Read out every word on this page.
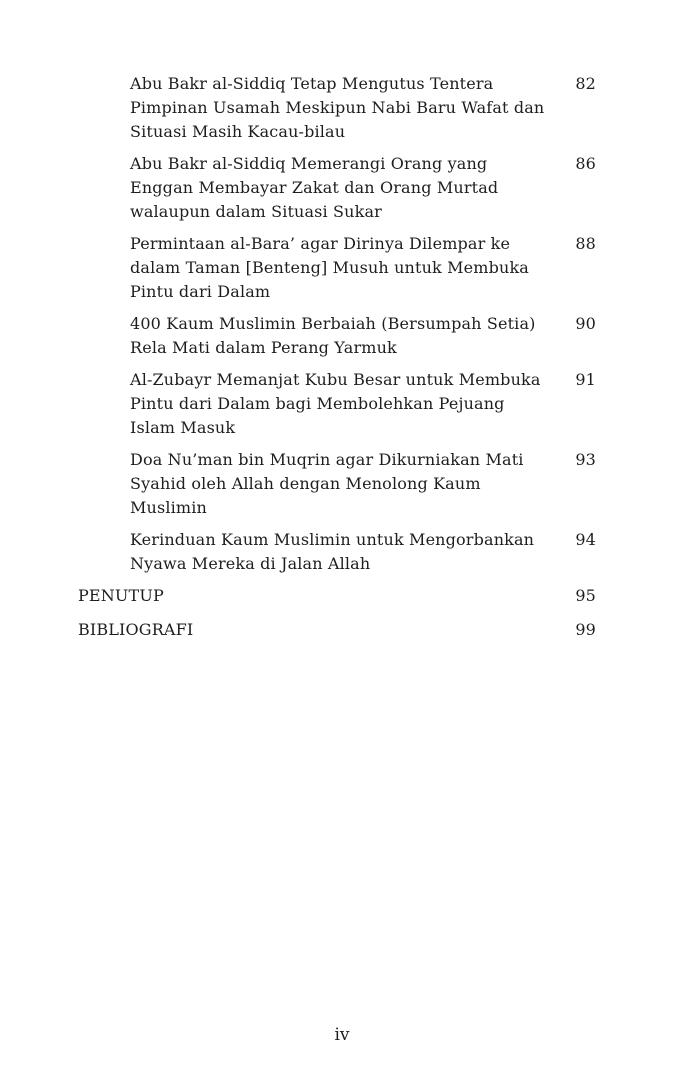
Abu Bakr al-Siddiq Tetap Mengutus Tentera Pimpinan Usamah Meskipun Nabi Baru Wafat dan Situasi Masih Kacau-bilau
82
Abu Bakr al-Siddiq Memerangi Orang yang Enggan Membayar Zakat dan Orang Murtad walaupun dalam Situasi Sukar
86
Permintaan al-Bara’ agar Dirinya Dilempar ke dalam Taman [Benteng] Musuh untuk Membuka Pintu dari Dalam
88
400 Kaum Muslimin Berbaiah (Bersumpah Setia) Rela Mati dalam Perang Yarmuk
90
Al-Zubayr Memanjat Kubu Besar untuk Membuka Pintu dari Dalam bagi Membolehkan Pejuang Islam Masuk
91
Doa Nu’man bin Muqrin agar Dikurniakan Mati Syahid oleh Allah dengan Menolong Kaum Muslimin
93
Kerinduan Kaum Muslimin untuk Mengorbankan Nyawa Mereka di Jalan Allah
94
PENUTUP	95
BIBLIOGRAFI	99
iv
